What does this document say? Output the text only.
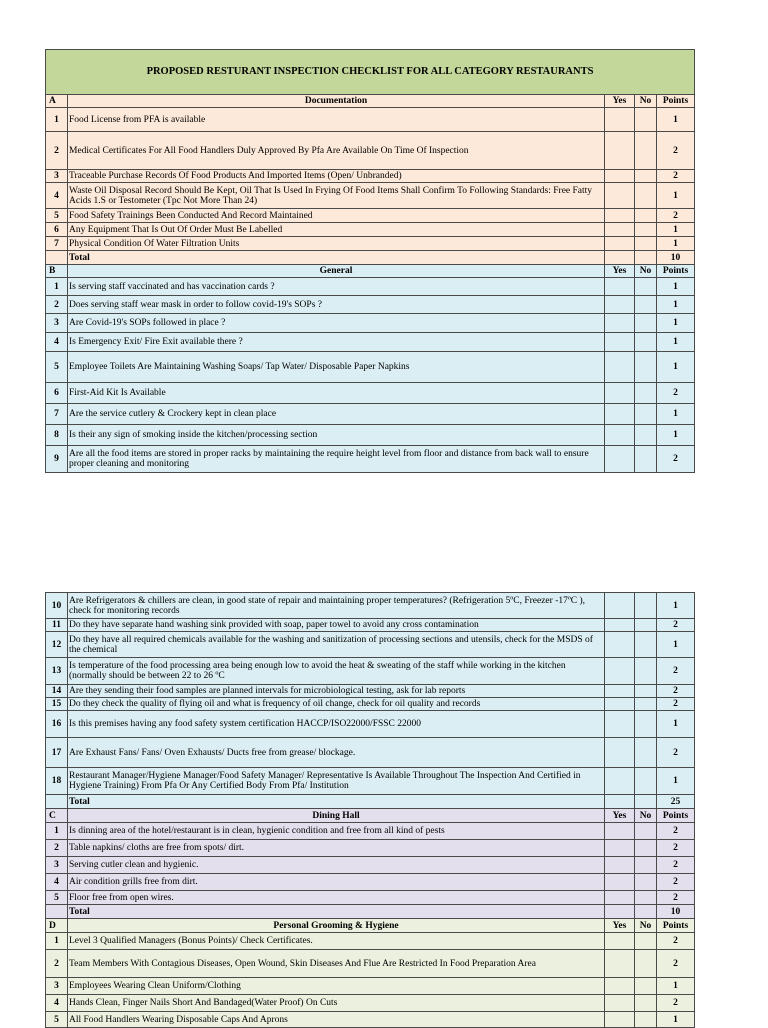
PROPOSED RESTURANT INSPECTION CHECKLIST FOR ALL CATEGORY RESTAURANTS				
A	Documentation	Yes	No	Points
1	Food License from PFA is available			1
2	Medical Certificates For All Food Handlers Duly Approved By Pfa Are Available On Time Of Inspection			2
3	Traceable Purchase Records Of Food Products And Imported Items (Open/ Unbranded)			2
4	Waste Oil Disposal Record Should Be Kept, Oil That Is Used In Frying Of Food Items Shall Confirm To Following Standards: Free Fatty Acids 1.S or Testometer (Tpc Not More Than 24)			1
5	Food Safety Trainings Been Conducted And Record Maintained			2
6	Any Equipment That Is Out Of Order Must Be Labelled			1
7	Physical Condition Of Water Filtration Units			1
	Total			10
B	General	Yes	No	Points
1	Is serving staff vaccinated and has vaccination cards ?			1
2	Does serving staff wear mask in order to follow covid-19's SOPs ?			1
3	Are Covid-19's SOPs followed in place ?			1
4	Is Emergency Exit/ Fire Exit available there ?			1
5	Employee Toilets Are Maintaining Washing Soaps/ Tap Water/ Disposable Paper Napkins			1
6	First-Aid Kit Is Available			2
7	Are the service cutlery & Crockery kept in clean place			1
8	Is their any sign of smoking inside the kitchen/processing section			1
9	Are all the food items are stored in proper racks by maintaining the require height level from floor and distance from back wall to ensure proper cleaning and monitoring			2
10	Are Refrigerators & chillers are clean, in good state of repair and maintaining proper temperatures? (Refrigeration 5ºC, Freezer -17ºC ), check for monitoring records			1
11	Do they have separate hand washing sink provided with soap, paper towel to avoid any cross contamination			2
12	Do they have all required chemicals available for the washing and sanitization of processing sections and utensils, check for the MSDS of the chemical			1
13	Is temperature of the food processing area being enough low to avoid the heat & sweating of the staff while working in the kitchen (normally should be between 22 to 26 ºC			2
14	Are they sending their food samples are planned intervals for microbiological testing, ask for lab reports			2
15	Do they check the quality of flying oil and what is frequency of oil change, check for oil quality and records			2
16	Is this premises having any food safety system certification HACCP/ISO22000/FSSC 22000			1
17	Are Exhaust Fans/ Fans/ Oven Exhausts/ Ducts free from grease/ blockage.			2
18	Restaurant Manager/Hygiene Manager/Food Safety Manager/ Representative Is Available Throughout The Inspection And Certified in Hygiene Training) From Pfa Or Any Certified Body From Pfa/ Institution			1
	Total			25
C	Dining Hall	Yes	No	Points
1	Is dinning area of the hotel/restaurant is in clean, hygienic condition and free from all kind of pests			2
2	Table napkins/ cloths are free from spots/ dirt.			2
3	Serving cutler clean and hygienic.			2
4	Air condition grills free from dirt.			2
5	Floor free from open wires.			2
	Total			10
D	Personal Grooming & Hygiene	Yes	No	Points
1	Level 3 Qualified Managers (Bonus Points)/ Check Certificates.			2
2	Team Members With Contagious Diseases, Open Wound, Skin Diseases And Flue Are Restricted In Food Preparation Area			2
3	Employees Wearing Clean Uniform/Clothing			1
4	Hands Clean, Finger Nails Short And Bandaged(Water Proof) On Cuts			2
5	All Food Handlers Wearing Disposable Caps And Aprons			1
